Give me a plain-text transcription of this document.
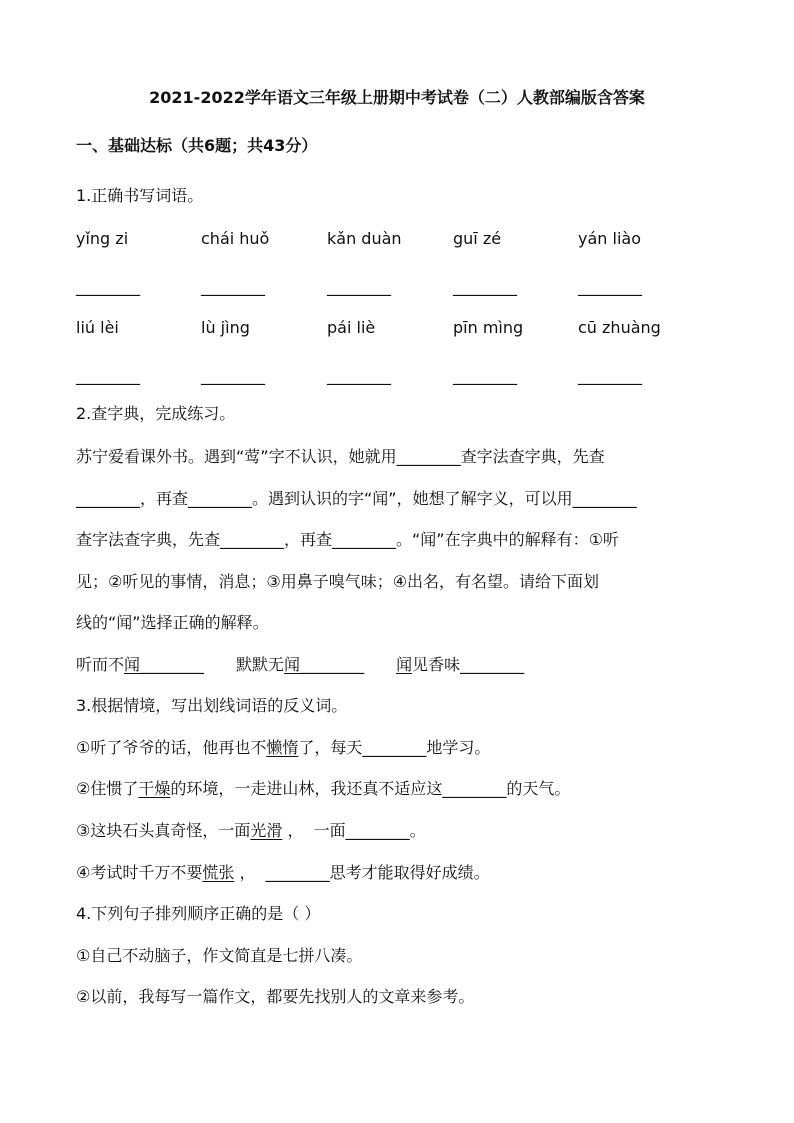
2021-2022学年语文三年级上册期中考试卷（二）人教部编版含答案
一、基础达标（共6题；共43分）
1.正确书写词语。
yǐng zi	chái huǒ	kǎn duàn	guī zé	yán liào
________	________	________	________	________
liú lèi	lù jìng	pái liè	pīn mìng	cū zhuàng
________	________	________	________	________
2.查字典，完成练习。
苏宁爱看课外书。遇到“莺”字不认识，她就用________查字法查字典，先查
________，再查________。遇到认识的字“闻”，她想了解字义，可以用________
查字法查字典，先查________，再查________。“闻”在字典中的解释有：①听
见；②听见的事情，消息；③用鼻子嗅气味；④出名，有名望。请给下面划
线的“闻”选择正确的解释。
听而不闻________ 默默无闻________ 闻见香味________
3.根据情境，写出划线词语的反义词。
①听了爷爷的话，他再也不懒惰了，每天________地学习。
②住惯了干燥的环境，一走进山林，我还真不适应这________的天气。
③这块石头真奇怪，一面光滑 ，  一面________。
④考试时千万不要慌张 ，  ________思考才能取得好成绩。
4.下列句子排列顺序正确的是（ ）
①自己不动脑子，作文简直是七拼八凑。
②以前，我每写一篇作文，都要先找别人的文章来参考。
